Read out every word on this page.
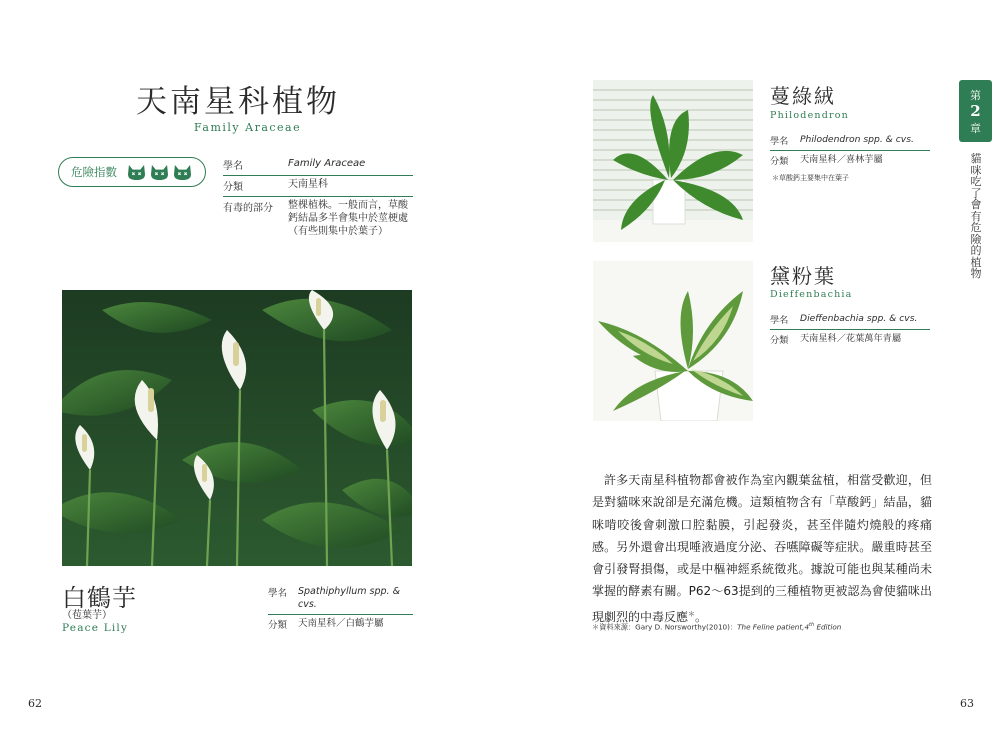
天南星科植物
Family Araceae
危險指數	學名	Family Araceae
分類	天南星科
有毒的部分	整棵植株。一般而言，草酸鈣結晶多半會集中於莖梗處（有些則集中於葉子）
白鶴芋
（苞葉芋）
Peace Lily
學名	Spathiphyllum spp. & cvs.
分類	天南星科／白鶴芋屬
62
蔓綠絨
Philodendron
學名	Philodendron spp. & cvs.
分類	天南星科／喜林芋屬
＊草酸鈣主要集中在葉子
黛粉葉
Dieffenbachia
學名	Dieffenbachia spp. & cvs.
分類	天南星科／花葉萬年青屬
許多天南星科植物都會被作為室內觀葉盆植，相當受歡迎，但是對貓咪來說卻是充滿危機。這類植物含有「草酸鈣」結晶，貓咪啃咬後會刺激口腔黏膜，引起發炎，甚至伴隨灼燒般的疼痛感。另外還會出現唾液過度分泌、吞嚥障礙等症狀。嚴重時甚至會引發腎損傷，或是中樞神經系統徵兆。據說可能也與某種尚未掌握的酵素有關。P62～63提到的三種植物更被認為會使貓咪出現劇烈的中毒反應＊。
＊資料來源：Gary D. Norsworthy(2010)：The Feline patient,4th Edition
第
2
章
貓咪吃了會有危險的植物
63
